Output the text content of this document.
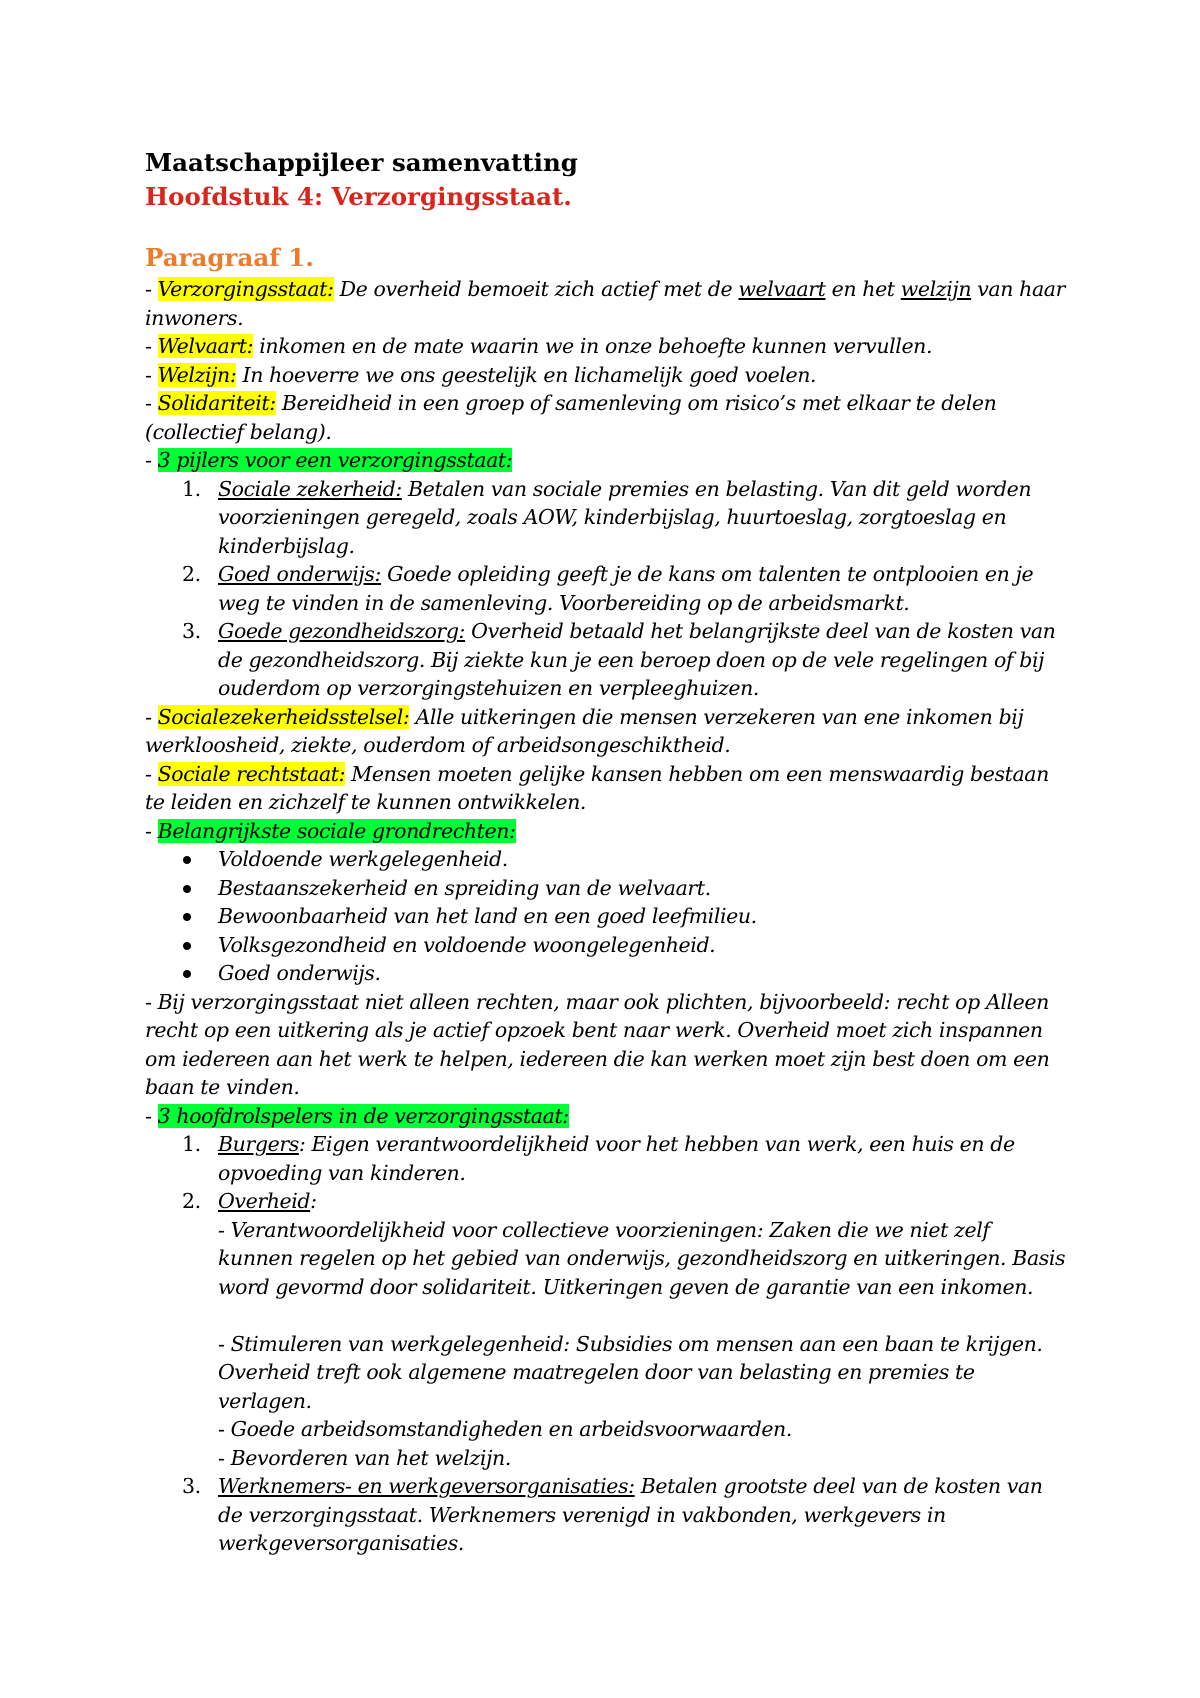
Maatschappijleer samenvatting
Hoofdstuk 4: Verzorgingsstaat.
Paragraaf 1.

- Verzorgingsstaat: De overheid bemoeit zich actief met de welvaart en het welzijn van haar inwoners.

- Welvaart: inkomen en de mate waarin we in onze behoefte kunnen vervullen.

- Welzijn: In hoeverre we ons geestelijk en lichamelijk goed voelen.

- Solidariteit: Bereidheid in een groep of samenleving om risico’s met elkaar te delen (collectief belang).

- 3 pijlers voor een verzorgingsstaat:

1. Sociale zekerheid: Betalen van sociale premies en belasting. Van dit geld worden voorzieningen geregeld, zoals AOW, kinderbijslag, huurtoeslag, zorgtoeslag en kinderbijslag.
2. Goed onderwijs: Goede opleiding geeft je de kans om talenten te ontplooien en je weg te vinden in de samenleving. Voorbereiding op de arbeidsmarkt.
3. Goede gezondheidszorg: Overheid betaald het belangrijkste deel van de kosten van de gezondheidszorg. Bij ziekte kun je een beroep doen op de vele regelingen of bij ouderdom op verzorgingstehuizen en verpleeghuizen.

- Socialezekerheidsstelsel: Alle uitkeringen die mensen verzekeren van ene inkomen bij werkloosheid, ziekte, ouderdom of arbeidsongeschiktheid.

- Sociale rechtstaat: Mensen moeten gelijke kansen hebben om een menswaardig bestaan te leiden en zichzelf te kunnen ontwikkelen.

- Belangrijkste sociale grondrechten:

Voldoende werkgelegenheid.
Bestaanszekerheid en spreiding van de welvaart.
Bewoonbaarheid van het land en een goed leefmilieu.
Volksgezondheid en voldoende woongelegenheid.
Goed onderwijs.

- Bij verzorgingsstaat niet alleen rechten, maar ook plichten, bijvoorbeeld: recht op Alleen recht op een uitkering als je actief opzoek bent naar werk. Overheid moet zich inspannen om iedereen aan het werk te helpen, iedereen die kan werken moet zijn best doen om een baan te vinden.

- 3 hoofdrolspelers in de verzorgingsstaat:

1. Burgers: Eigen verantwoordelijkheid voor het hebben van werk, een huis en de opvoeding van kinderen.
2. Overheid:
- Verantwoordelijkheid voor collectieve voorzieningen: Zaken die we niet zelf kunnen regelen op het gebied van onderwijs, gezondheidszorg en uitkeringen. Basis word gevormd door solidariteit. Uitkeringen geven de garantie van een inkomen.
- Stimuleren van werkgelegenheid: Subsidies om mensen aan een baan te krijgen. Overheid treft ook algemene maatregelen door van belasting en premies te verlagen.
- Goede arbeidsomstandigheden en arbeidsvoorwaarden.
- Bevorderen van het welzijn.
3. Werknemers- en werkgeversorganisaties: Betalen grootste deel van de kosten van de verzorgingsstaat. Werknemers verenigd in vakbonden, werkgevers in werkgeversorganisaties.
